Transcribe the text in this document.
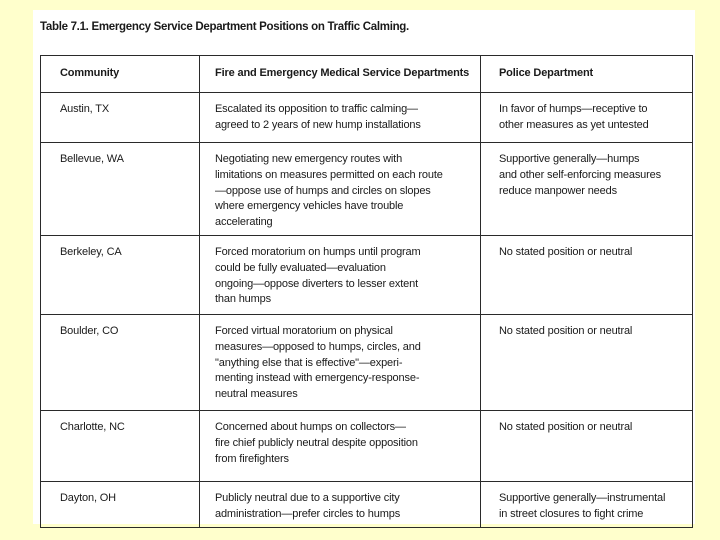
Table 7.1. Emergency Service Department Positions on Traffic Calming.
Community	Fire and Emergency Medical Service Departments	Police Department

Austin, TX	Escalated its opposition to traffic calming—
agreed to 2 years of new hump installations	In favor of humps—receptive to
other measures as yet untested

Bellevue, WA	Negotiating new emergency routes with
limitations on measures permitted on each route
—oppose use of humps and circles on slopes
where emergency vehicles have trouble
accelerating	Supportive generally—humps
and other self-enforcing measures
reduce manpower needs

Berkeley, CA	Forced moratorium on humps until program
could be fully evaluated—evaluation
ongoing—oppose diverters to lesser extent
than humps	No stated position or neutral

Boulder, CO	Forced virtual moratorium on physical
measures—opposed to humps, circles, and
"anything else that is effective"—experi-
menting instead with emergency-response-
neutral measures	No stated position or neutral

Charlotte, NC	Concerned about humps on collectors—
fire chief publicly neutral despite opposition
from firefighters	No stated position or neutral

Dayton, OH	Publicly neutral due to a supportive city
administration—prefer circles to humps	Supportive generally—instrumental
in street closures to fight crime
